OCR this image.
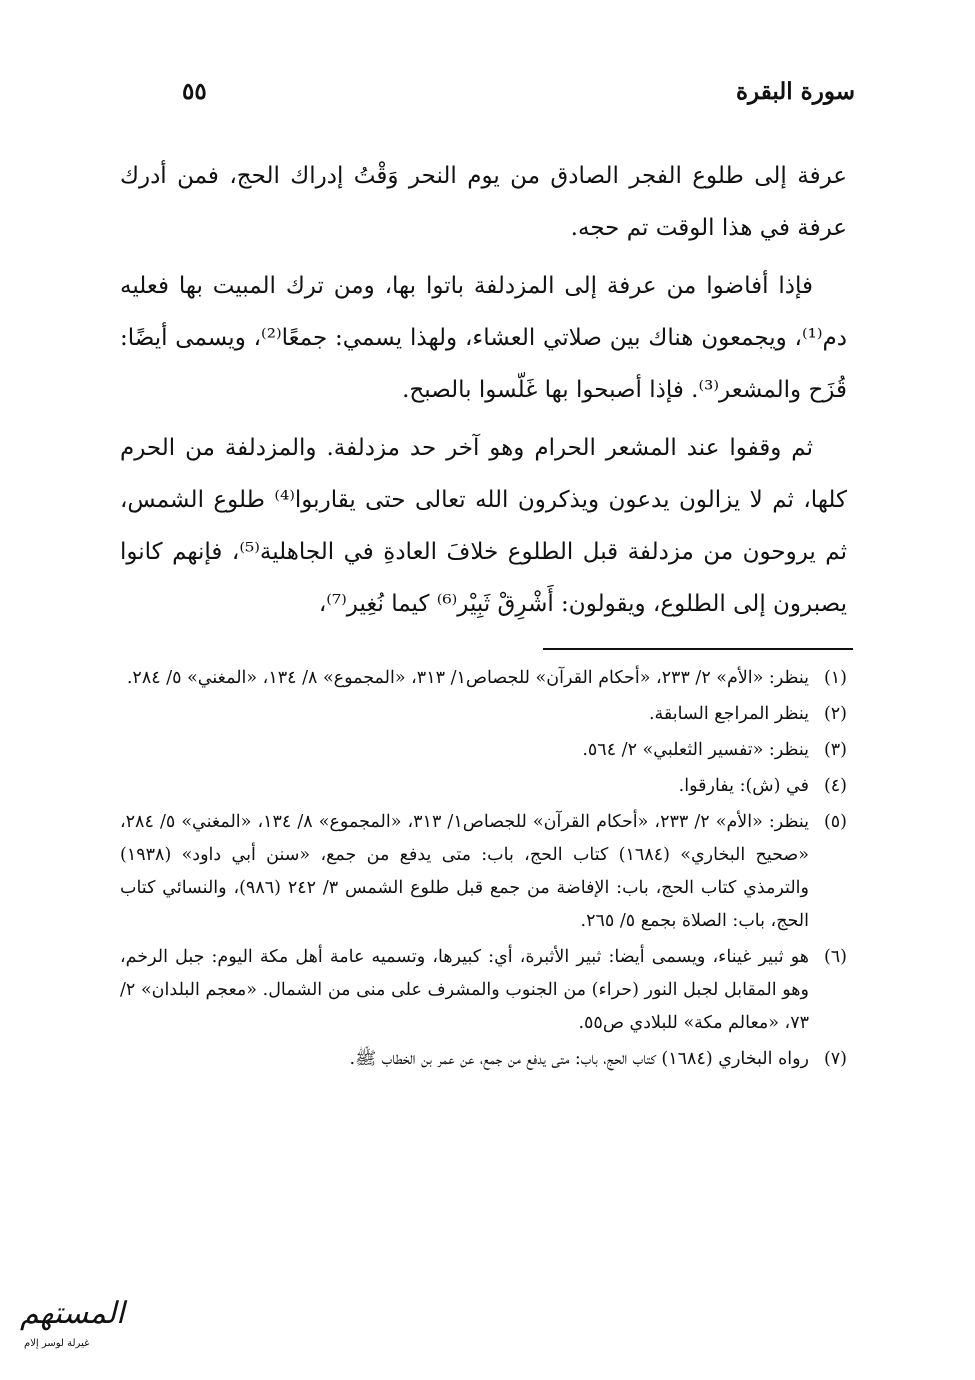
سورة البقرة
٥٥

عرفة إلى طلوع الفجر الصادق من يوم النحر وَقْتُ إدراك الحج، فمن أدرك عرفة في هذا الوقت تم حجه.

فإذا أفاضوا من عرفة إلى المزدلفة باتوا بها، ومن ترك المبيت بها فعليه دم⁽¹⁾، ويجمعون هناك بين صلاتي العشاء، ولهذا يسمي: جمعًا⁽²⁾، ويسمى أيضًا: قُزَح والمشعر⁽³⁾. فإذا أصبحوا بها غَلّسوا بالصبح.

ثم وقفوا عند المشعر الحرام وهو آخر حد مزدلفة. والمزدلفة من الحرم كلها، ثم لا يزالون يدعون ويذكرون الله تعالى حتى يقاربوا⁽⁴⁾ طلوع الشمس، ثم يروحون من مزدلفة قبل الطلوع خلافَ العادةِ في الجاهلية⁽⁵⁾، فإنهم كانوا يصبرون إلى الطلوع، ويقولون: أَشْرِقْ ثَبِيْر⁽⁶⁾ كيما نُغِير⁽⁷⁾،

(١)
ينظر: «الأم» ٢/ ٢٣٣، «أحكام القرآن» للجصاص١/ ٣١٣، «المجموع» ٨/ ١٣٤، «المغني» ٥/ ٢٨٤.
(٢)
ينظر المراجع السابقة.
(٣)
ينظر: «تفسير الثعلبي» ٢/ ٥٦٤.
(٤)
في (ش): يفارقوا.
(٥)
ينظر: «الأم» ٢/ ٢٣٣، «أحكام القرآن» للجصاص١/ ٣١٣، «المجموع» ٨/ ١٣٤، «المغني» ٥/ ٢٨٤، «صحيح البخاري» (١٦٨٤) كتاب الحج، باب: متى يدفع من جمع، «سنن أبي داود» (١٩٣٨) والترمذي كتاب الحج، باب: الإفاضة من جمع قبل طلوع الشمس ٣/ ٢٤٢ (٩٨٦)، والنسائي كتاب الحج، باب: الصلاة بجمع ٥/ ٢٦٥.
(٦)
هو ثبير غيناء، ويسمى أيضا: ثبير الأثبرة، أي: كبيرها، وتسميه عامة أهل مكة اليوم: جبل الرخم، وهو المقابل لجبل النور (حراء) من الجنوب والمشرف على منى من الشمال. «معجم البلدان» ٢/ ٧٣، «معالم مكة» للبلادي ص٥٥.
(٧)
رواه البخاري (١٦٨٤) كتاب الحج، باب: متى يدفع من جمع، عن عمر بن الخطاب ﷺ.
المستهم
غيرلة لوسر إلام
